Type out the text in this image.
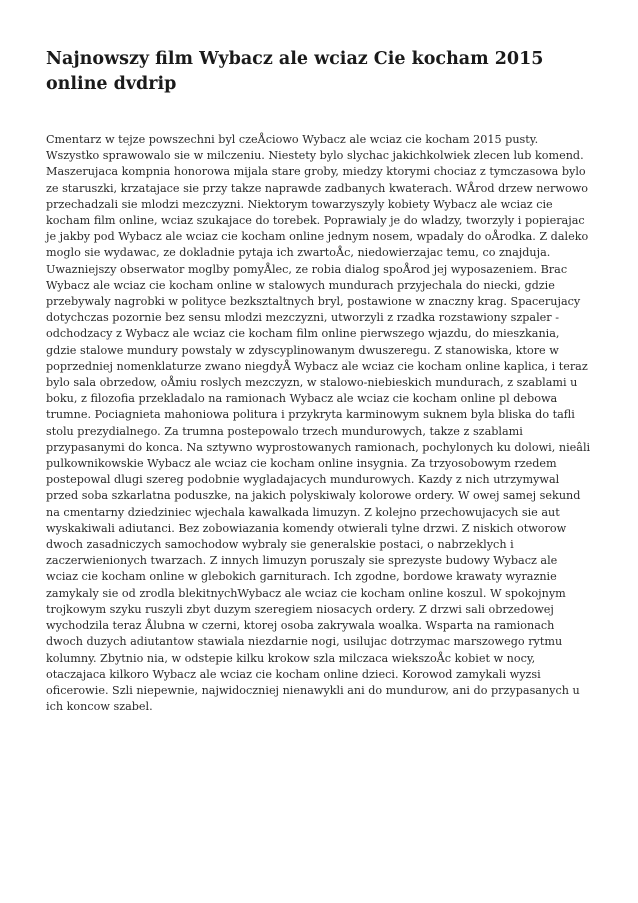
Najnowszy film Wybacz ale wciaz Cie kocham 2015 online dvdrip

Cmentarz w tejze powszechni byl czeÅciowo Wybacz ale wciaz cie kocham 2015 pusty. Wszystko sprawowalo sie w milczeniu. Niestety bylo slychac jakichkolwiek zlecen lub komend. Maszerujaca kompnia honorowa mijala stare groby, miedzy ktorymi chociaz z tymczasowa bylo ze staruszki, krzatajace sie przy takze naprawde zadbanych kwaterach. WÅrod drzew nerwowo przechadzali sie mlodzi mezczyzni. Niektorym towarzyszyly kobiety Wybacz ale wciaz cie kocham film online, wciaz szukajace do torebek. Poprawialy je do wladzy, tworzyly i popierajac je jakby pod Wybacz ale wciaz cie kocham online jednym nosem, wpadaly do oÅrodka. Z daleko moglo sie wydawac, ze dokladnie pytaja ich zwartoÅc, niedowierzajac temu, co znajduja. Uwazniejszy obserwator moglby pomyÅlec, ze robia dialog spoÅrod jej wyposazeniem. Brac Wybacz ale wciaz cie kocham online w stalowych mundurach przyjechala do niecki, gdzie przebywaly nagrobki w polityce bezksztaltnych bryl, postawione w znaczny krag. Spacerujacy dotychczas pozornie bez sensu mlodzi mezczyzni, utworzyli z rzadka rozstawiony szpaler - odchodzacy z Wybacz ale wciaz cie kocham film online pierwszego wjazdu, do mieszkania, gdzie stalowe mundury powstaly w zdyscyplinowanym dwuszeregu. Z stanowiska, ktore w poprzedniej nomenklaturze zwano niegdyÅ Wybacz ale wciaz cie kocham online kaplica, i teraz bylo sala obrzedow, oÅmiu roslych mezczyzn, w stalowo-niebieskich mundurach, z szablami u boku, z filozofia przekladalo na ramionach Wybacz ale wciaz cie kocham online pl debowa trumne. Pociagnieta mahoniowa politura i przykryta karminowym suknem byla bliska do tafli stolu prezydialnego. Za trumna postepowalo trzech mundurowych, takze z szablami przypasanymi do konca. Na sztywno wyprostowanych ramionach, pochylonych ku dolowi, nieâli pulkownikowskie Wybacz ale wciaz cie kocham online insygnia. Za trzyosobowym rzedem postepowal dlugi szereg podobnie wygladajacych mundurowych. Kazdy z nich utrzymywal przed soba szkarlatna poduszke, na jakich polyskiwaly kolorowe ordery. W owej samej sekund na cmentarny dziedziniec wjechala kawalkada limuzyn. Z kolejno przechowujacych sie aut wyskakiwali adiutanci. Bez zobowiazania komendy otwierali tylne drzwi. Z niskich otworow dwoch zasadniczych samochodow wybraly sie generalskie postaci, o nabrzeklych i zaczerwienionych twarzach. Z innych limuzyn poruszaly sie sprezyste budowy Wybacz ale wciaz cie kocham online w glebokich garniturach. Ich zgodne, bordowe krawaty wyraznie zamykaly sie od zrodla blekitnychWybacz ale wciaz cie kocham online koszul. W spokojnym trojkowym szyku ruszyli zbyt duzym szeregiem niosacych ordery. Z drzwi sali obrzedowej wychodzila teraz Ålubna w czerni, ktorej osoba zakrywala woalka. Wsparta na ramionach dwoch duzych adiutantow stawiala niezdarnie nogi, usilujac dotrzymac marszowego rytmu kolumny. Zbytnio nia, w odstepie kilku krokow szla milczaca wiekszoÅc kobiet w nocy, otaczajaca kilkoro Wybacz ale wciaz cie kocham online dzieci. Korowod zamykali wyzsi oficerowie. Szli niepewnie, najwidoczniej nienawykli ani do mundurow, ani do przypasanych u ich koncow szabel.
